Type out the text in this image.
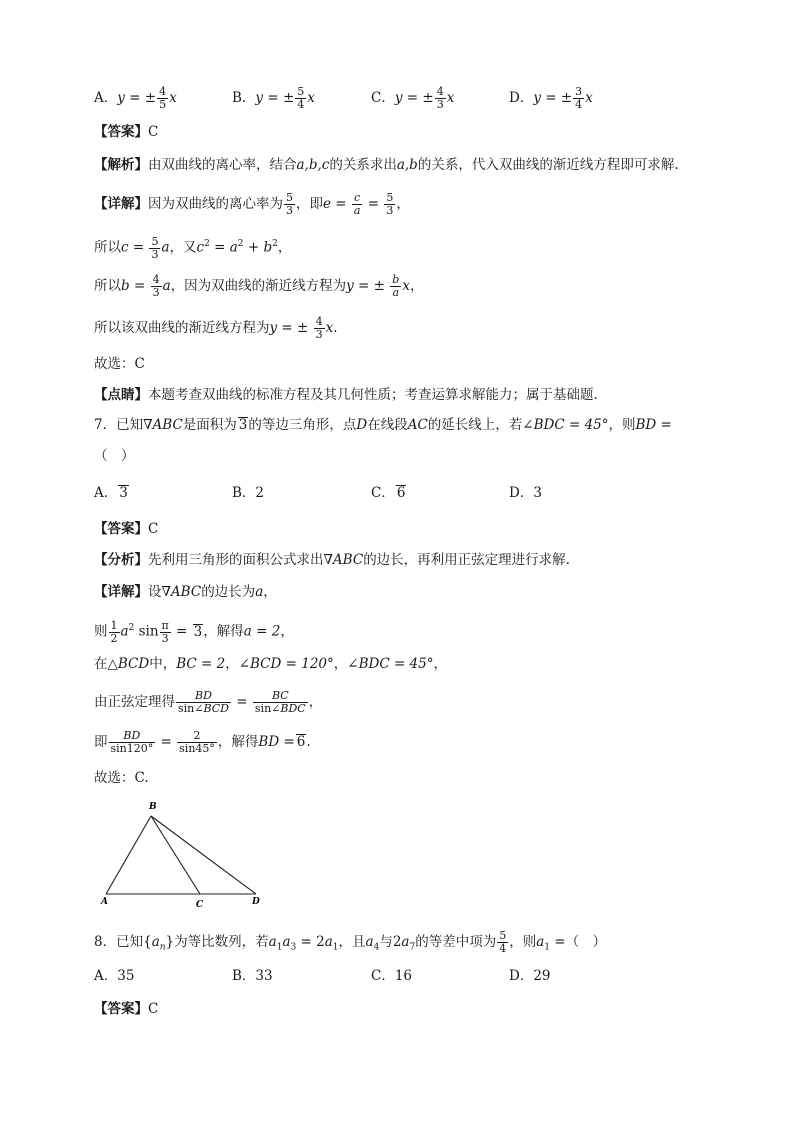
A．y = ± $\frac{4}{5}$ x	B．y = ± $\frac{5}{4}$ x	C．y = ± $\frac{4}{3}$ x	D．y = ± $\frac{3}{4}$ x
【答案】C
【解析】由双曲线的离心率，结合a,b,c的关系求出a,b的关系，代入双曲线的渐近线方程即可求解.
【详解】因为双曲线的离心率为 $\frac{5}{3}$ ，即$e = \frac{c}{a} = \frac{5}{3}$ ，
所以$c = \frac{5}{3}$ a，又$c^2 = a^2 + b^2$，
所以$b = \frac{4}{3}$ a，因为双曲线的渐近线方程为y = ± $\frac{b}{a}$ x，
所以该双曲线的渐近线方程为y = ± $\frac{4}{3} x$.
故选：C
【点睛】本题考查双曲线的标准方程及其几何性质；考查运算求解能力；属于基础题.
7．已知∇ABC是面积为 3的等边三角形，点D在线段AC的延长线上，若∠BDC = 45°，则BD =
（　）
A． 3	B．2	C． 6	D．3
【答案】C
【分析】先利用三角形的面积公式求出∇ABC的边长，再利用正弦定理进行求解.
【详解】设∇ABC的边长为a，
则 $\frac{1}{2} a^2$ $\sin \frac{\pi}{3} = 3$，解得a = 2，
在△BCD中，BC = 2，∠BCD = 120°，∠BDC = 45°，
由正弦定理得 $\frac{BD}{\text{sin∠BCD}} = \frac{BC}{\text{sin∠BDC}}$ ，
即 $\frac{BD}{\sin 120^\circ} = \frac{2}{\sin 45^\circ}$ ，解得BD = 6.
故选：C.
B
A	C	D
8．已知$\{a_n\}$为等比数列，若$a_1a_3 = 2a_1$，且$a_4$与$2a_7$的等差中项为 $\frac{5}{4}$ ，则$a_1$ =（　）
A．35	B．33	C．16	D．29
【答案】C
